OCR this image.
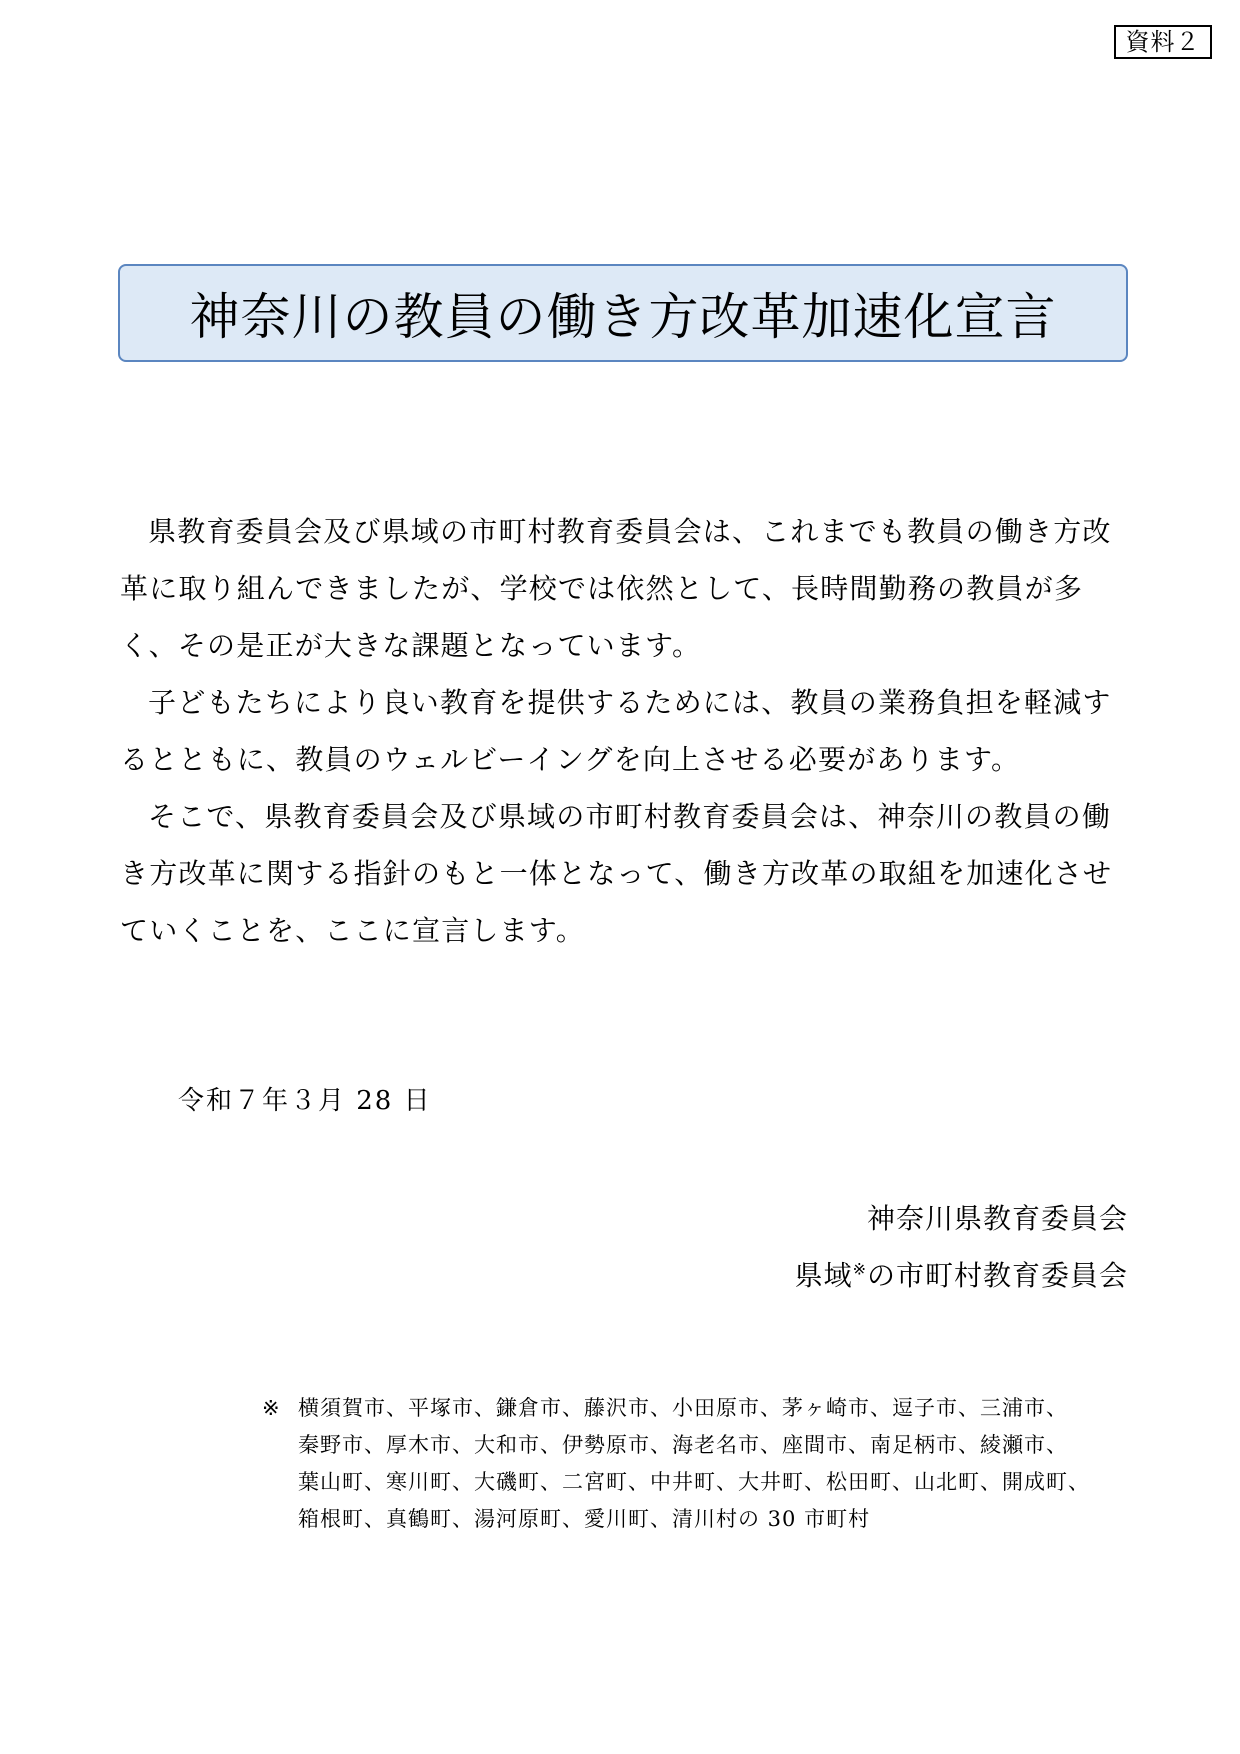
資料２
神奈川の教員の働き方改革加速化宣言

県教育委員会及び県域の市町村教育委員会は、これまでも教員の働き方改革に取り組んできましたが、学校では依然として、長時間勤務の教員が多く、その是正が大きな課題となっています。

子どもたちにより良い教育を提供するためには、教員の業務負担を軽減するとともに、教員のウェルビーイングを向上させる必要があります。

そこで、県教育委員会及び県域の市町村教育委員会は、神奈川の教員の働き方改革に関する指針のもと一体となって、働き方改革の取組を加速化させていくことを、ここに宣言します。

令和７年３月 28 日
神奈川県教育委員会
県域※の市町村教育委員会
※ 横須賀市、平塚市、鎌倉市、藤沢市、小田原市、茅ヶ崎市、逗子市、三浦市、
秦野市、厚木市、大和市、伊勢原市、海老名市、座間市、南足柄市、綾瀬市、
葉山町、寒川町、大磯町、二宮町、中井町、大井町、松田町、山北町、開成町、
箱根町、真鶴町、湯河原町、愛川町、清川村の 30 市町村
